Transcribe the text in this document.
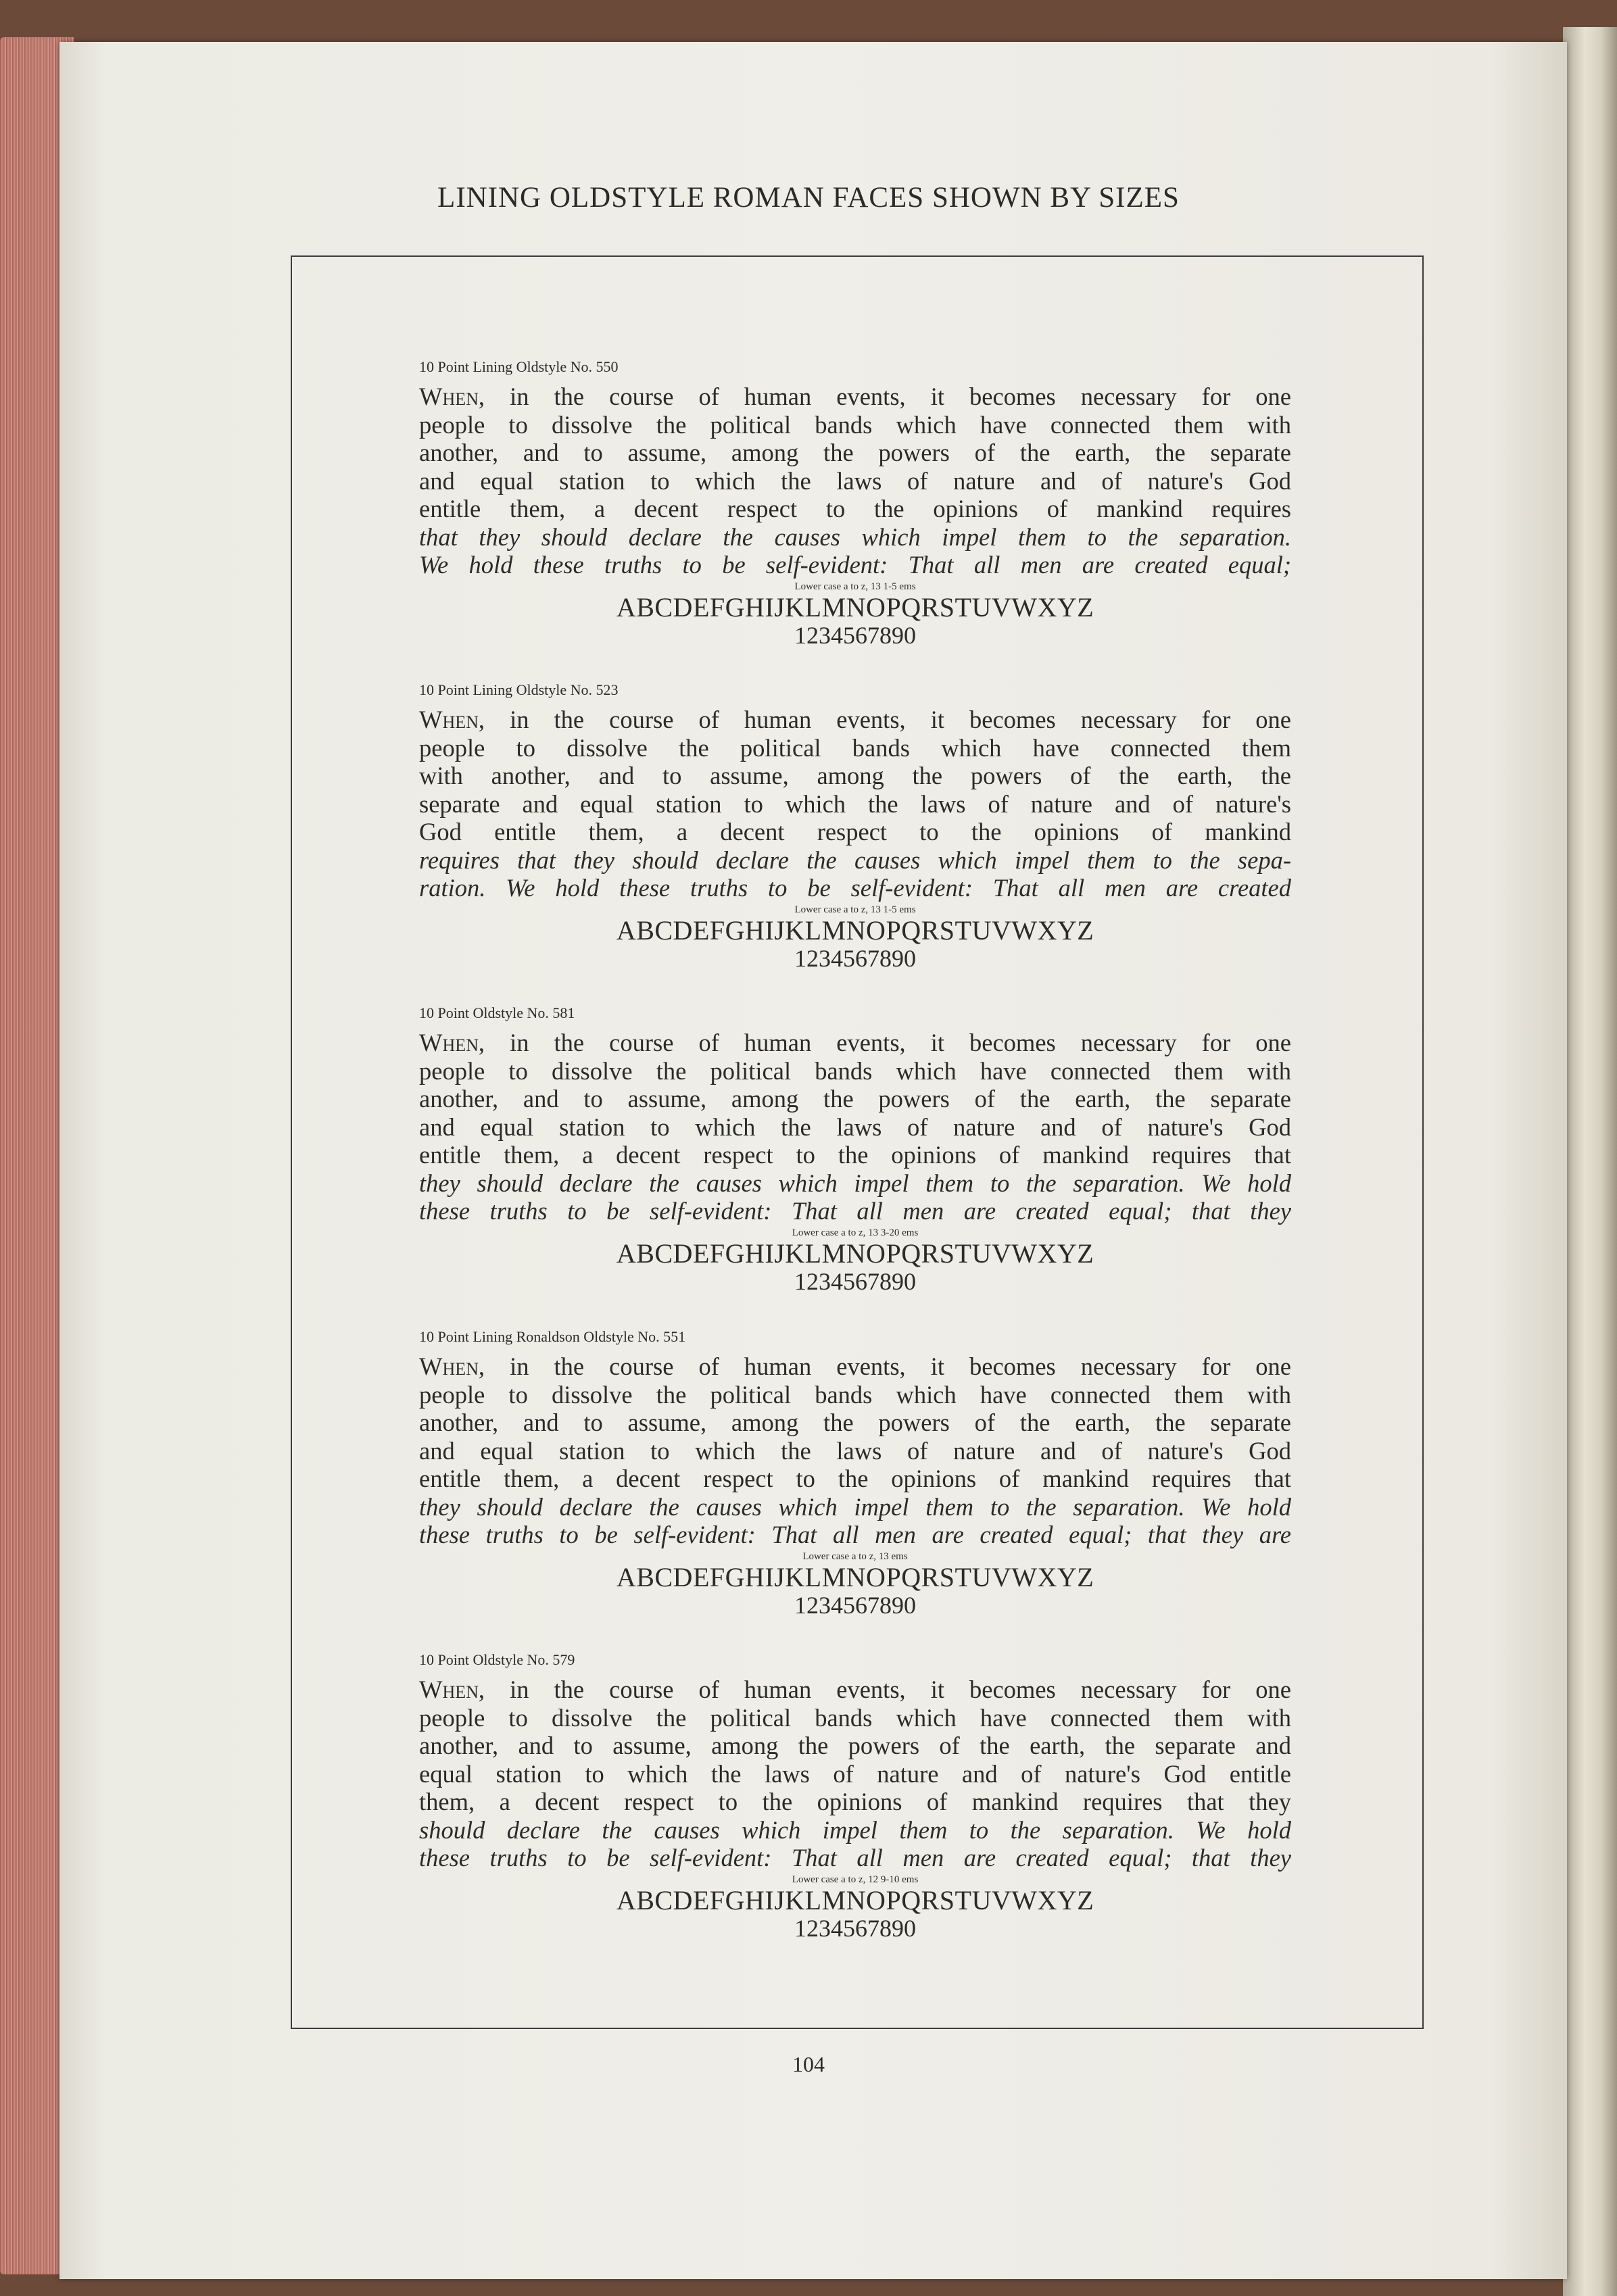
LINING OLDSTYLE ROMAN FACES SHOWN BY SIZES
10 Point Lining Oldstyle No. 550
When, in the course of human events, it becomes necessary for one
people to dissolve the political bands which have connected them with
another, and to assume, among the powers of the earth, the separate
and equal station to which the laws of nature and of nature's God
entitle them, a decent respect to the opinions of mankind requires
that they should declare the causes which impel them to the separation.
We hold these truths to be self-evident: That all men are created equal;
Lower case a to z, 13 1-5 ems
ABCDEFGHIJKLMNOPQRSTUVWXYZ
1234567890
10 Point Lining Oldstyle No. 523
When, in the course of human events, it becomes necessary for one
people to dissolve the political bands which have connected them
with another, and to assume, among the powers of the earth, the
separate and equal station to which the laws of nature and of nature's
God entitle them, a decent respect to the opinions of mankind
requires that they should declare the causes which impel them to the sepa-
ration. We hold these truths to be self-evident: That all men are created
Lower case a to z, 13 1-5 ems
ABCDEFGHIJKLMNOPQRSTUVWXYZ
1234567890
10 Point Oldstyle No. 581
When, in the course of human events, it becomes necessary for one
people to dissolve the political bands which have connected them with
another, and to assume, among the powers of the earth, the separate
and equal station to which the laws of nature and of nature's God
entitle them, a decent respect to the opinions of mankind requires that
they should declare the causes which impel them to the separation. We hold
these truths to be self-evident: That all men are created equal; that they
Lower case a to z, 13 3-20 ems
ABCDEFGHIJKLMNOPQRSTUVWXYZ
1234567890
10 Point Lining Ronaldson Oldstyle No. 551
When, in the course of human events, it becomes necessary for one
people to dissolve the political bands which have connected them with
another, and to assume, among the powers of the earth, the separate
and equal station to which the laws of nature and of nature's God
entitle them, a decent respect to the opinions of mankind requires that
they should declare the causes which impel them to the separation. We hold
these truths to be self-evident: That all men are created equal; that they are
Lower case a to z, 13 ems
ABCDEFGHIJKLMNOPQRSTUVWXYZ
1234567890
10 Point Oldstyle No. 579
When, in the course of human events, it becomes necessary for one
people to dissolve the political bands which have connected them with
another, and to assume, among the powers of the earth, the separate and
equal station to which the laws of nature and of nature's God entitle
them, a decent respect to the opinions of mankind requires that they
should declare the causes which impel them to the separation. We hold
these truths to be self-evident: That all men are created equal; that they
Lower case a to z, 12 9-10 ems
ABCDEFGHIJKLMNOPQRSTUVWXYZ
1234567890
104
